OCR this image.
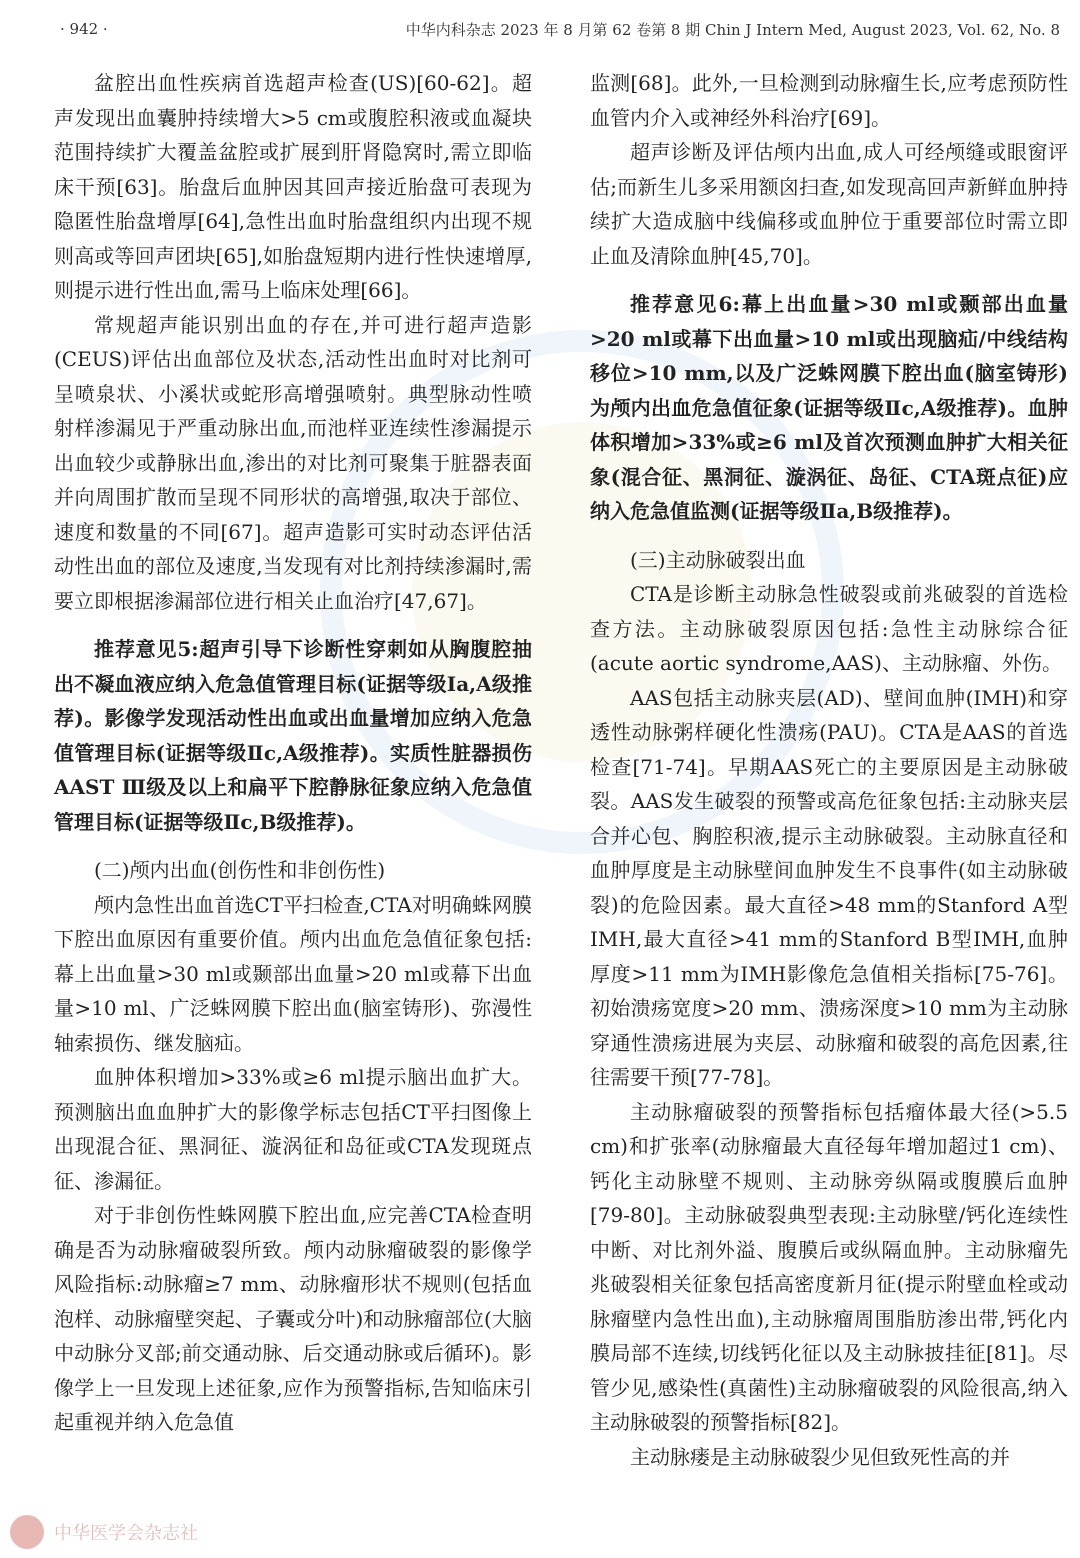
· 942 ·	中华内科杂志 2023 年 8 月第 62 卷第 8 期 Chin J Intern Med, August 2023, Vol. 62, No. 8

盆腔出血性疾病首选超声检查(US)[60-62]。超声发现出血囊肿持续增大>5 cm或腹腔积液或血凝块范围持续扩大覆盖盆腔或扩展到肝肾隐窝时,需立即临床干预[63]。胎盘后血肿因其回声接近胎盘可表现为隐匿性胎盘增厚[64],急性出血时胎盘组织内出现不规则高或等回声团块[65],如胎盘短期内进行性快速增厚,则提示进行性出血,需马上临床处理[66]。

常规超声能识别出血的存在,并可进行超声造影(CEUS)评估出血部位及状态,活动性出血时对比剂可呈喷泉状、小溪状或蛇形高增强喷射。典型脉动性喷射样渗漏见于严重动脉出血,而池样亚连续性渗漏提示出血较少或静脉出血,渗出的对比剂可聚集于脏器表面并向周围扩散而呈现不同形状的高增强,取决于部位、速度和数量的不同[67]。超声造影可实时动态评估活动性出血的部位及速度,当发现有对比剂持续渗漏时,需要立即根据渗漏部位进行相关止血治疗[47,67]。

推荐意见5:超声引导下诊断性穿刺如从胸腹腔抽出不凝血液应纳入危急值管理目标(证据等级Ⅰa,A级推荐)。影像学发现活动性出血或出血量增加应纳入危急值管理目标(证据等级Ⅱc,A级推荐)。实质性脏器损伤AAST Ⅲ级及以上和扁平下腔静脉征象应纳入危急值管理目标(证据等级Ⅱc,B级推荐)。

(二)颅内出血(创伤性和非创伤性)

颅内急性出血首选CT平扫检查,CTA对明确蛛网膜下腔出血原因有重要价值。颅内出血危急值征象包括:幕上出血量>30 ml或颞部出血量>20 ml或幕下出血量>10 ml、广泛蛛网膜下腔出血(脑室铸形)、弥漫性轴索损伤、继发脑疝。

血肿体积增加>33%或≥6 ml提示脑出血扩大。预测脑出血血肿扩大的影像学标志包括CT平扫图像上出现混合征、黑洞征、漩涡征和岛征或CTA发现斑点征、渗漏征。

对于非创伤性蛛网膜下腔出血,应完善CTA检查明确是否为动脉瘤破裂所致。颅内动脉瘤破裂的影像学风险指标:动脉瘤≥7 mm、动脉瘤形状不规则(包括血泡样、动脉瘤壁突起、子囊或分叶)和动脉瘤部位(大脑中动脉分叉部;前交通动脉、后交通动脉或后循环)。影像学上一旦发现上述征象,应作为预警指标,告知临床引起重视并纳入危急值

监测[68]。此外,一旦检测到动脉瘤生长,应考虑预防性血管内介入或神经外科治疗[69]。

超声诊断及评估颅内出血,成人可经颅缝或眼窗评估;而新生儿多采用额囟扫查,如发现高回声新鲜血肿持续扩大造成脑中线偏移或血肿位于重要部位时需立即止血及清除血肿[45,70]。

推荐意见6:幕上出血量>30 ml或颞部出血量>20 ml或幕下出血量>10 ml或出现脑疝/中线结构移位>10 mm,以及广泛蛛网膜下腔出血(脑室铸形)为颅内出血危急值征象(证据等级Ⅱc,A级推荐)。血肿体积增加>33%或≥6 ml及首次预测血肿扩大相关征象(混合征、黑洞征、漩涡征、岛征、CTA斑点征)应纳入危急值监测(证据等级Ⅱa,B级推荐)。

(三)主动脉破裂出血

CTA是诊断主动脉急性破裂或前兆破裂的首选检查方法。主动脉破裂原因包括:急性主动脉综合征(acute aortic syndrome,AAS)、主动脉瘤、外伤。

AAS包括主动脉夹层(AD)、壁间血肿(IMH)和穿透性动脉粥样硬化性溃疡(PAU)。CTA是AAS的首选检查[71-74]。早期AAS死亡的主要原因是主动脉破裂。AAS发生破裂的预警或高危征象包括:主动脉夹层合并心包、胸腔积液,提示主动脉破裂。主动脉直径和血肿厚度是主动脉壁间血肿发生不良事件(如主动脉破裂)的危险因素。最大直径>48 mm的Stanford A型IMH,最大直径>41 mm的Stanford B型IMH,血肿厚度>11 mm为IMH影像危急值相关指标[75-76]。初始溃疡宽度>20 mm、溃疡深度>10 mm为主动脉穿通性溃疡进展为夹层、动脉瘤和破裂的高危因素,往往需要干预[77-78]。

主动脉瘤破裂的预警指标包括瘤体最大径(>5.5 cm)和扩张率(动脉瘤最大直径每年增加超过1 cm)、钙化主动脉壁不规则、主动脉旁纵隔或腹膜后血肿[79-80]。主动脉破裂典型表现:主动脉壁/钙化连续性中断、对比剂外溢、腹膜后或纵隔血肿。主动脉瘤先兆破裂相关征象包括高密度新月征(提示附壁血栓或动脉瘤壁内急性出血),主动脉瘤周围脂肪渗出带,钙化内膜局部不连续,切线钙化征以及主动脉披挂征[81]。尽管少见,感染性(真菌性)主动脉瘤破裂的风险很高,纳入主动脉破裂的预警指标[82]。

主动脉瘘是主动脉破裂少见但致死性高的并

中华医学会杂志社
